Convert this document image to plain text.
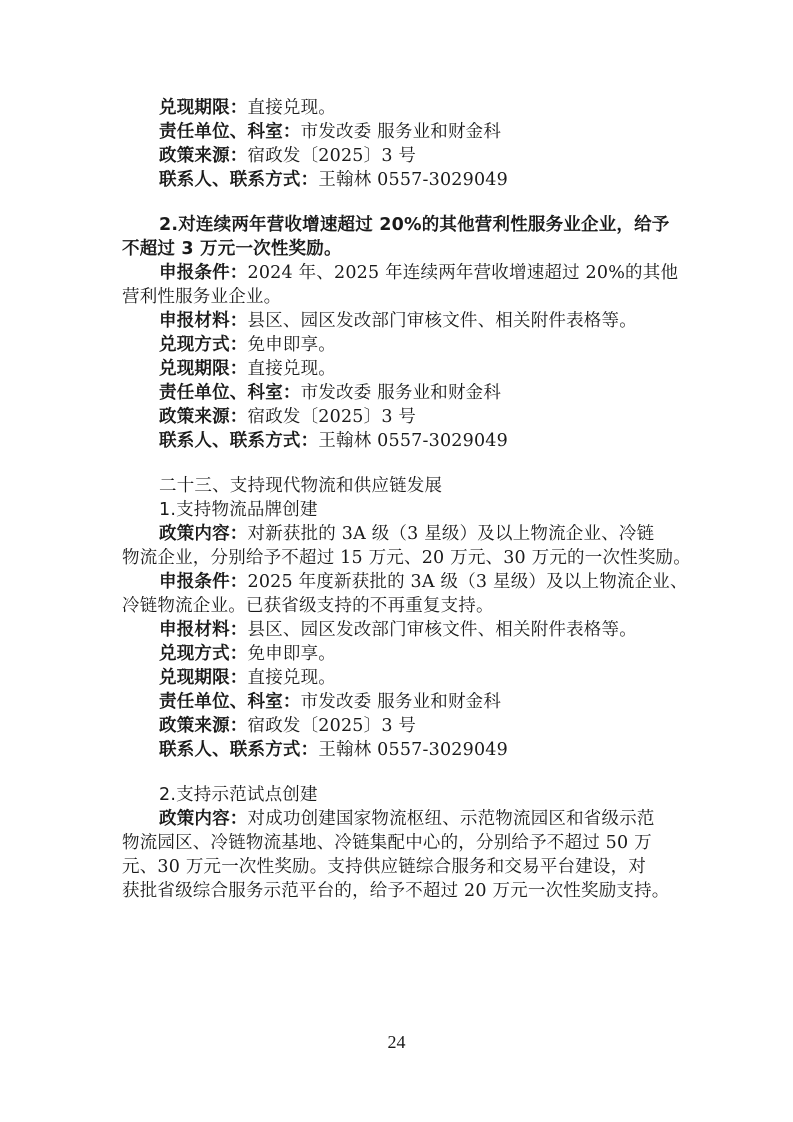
兑现期限：直接兑现。
责任单位、科室：市发改委 服务业和财金科
政策来源：宿政发〔2025〕3 号
联系人、联系方式：王翰林 0557-3029049
2.对连续两年营收增速超过 20%的其他营利性服务业企业，给予
不超过 3 万元一次性奖励。
申报条件：2024 年、2025 年连续两年营收增速超过 20%的其他
营利性服务业企业。
申报材料：县区、园区发改部门审核文件、相关附件表格等。
兑现方式：免申即享。
兑现期限：直接兑现。
责任单位、科室：市发改委 服务业和财金科
政策来源：宿政发〔2025〕3 号
联系人、联系方式：王翰林 0557-3029049
二十三、支持现代物流和供应链发展
1.支持物流品牌创建
政策内容：对新获批的 3A 级（3 星级）及以上物流企业、冷链
物流企业，分别给予不超过 15 万元、20 万元、30 万元的一次性奖励。
申报条件：2025 年度新获批的 3A 级（3 星级）及以上物流企业、
冷链物流企业。已获省级支持的不再重复支持。
申报材料：县区、园区发改部门审核文件、相关附件表格等。
兑现方式：免申即享。
兑现期限：直接兑现。
责任单位、科室：市发改委 服务业和财金科
政策来源：宿政发〔2025〕3 号
联系人、联系方式：王翰林 0557-3029049
2.支持示范试点创建
政策内容：对成功创建国家物流枢纽、示范物流园区和省级示范
物流园区、冷链物流基地、冷链集配中心的，分别给予不超过 50 万
元、30 万元一次性奖励。支持供应链综合服务和交易平台建设，对
获批省级综合服务示范平台的，给予不超过 20 万元一次性奖励支持。
24
